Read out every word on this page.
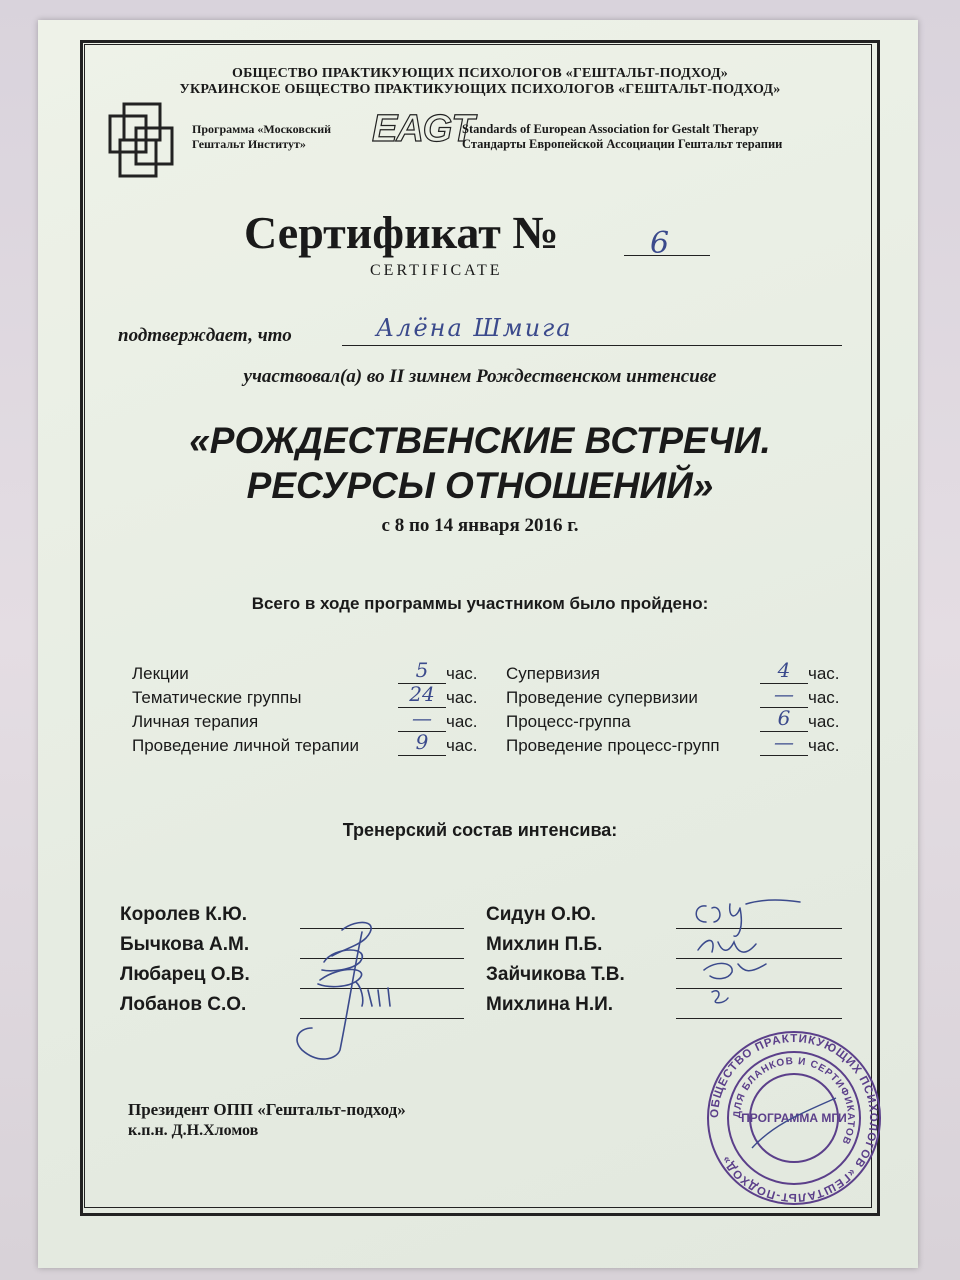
ОБЩЕСТВО ПРАКТИКУЮЩИХ ПСИХОЛОГОВ «ГЕШТАЛЬТ-ПОДХОД»
УКРАИНСКОЕ ОБЩЕСТВО ПРАКТИКУЮЩИХ ПСИХОЛОГОВ «ГЕШТАЛЬТ-ПОДХОД»
Программа «Московский
Гештальт Институт»	EAGT
Standards of European Association for Gestalt Therapy
Стандарты Европейской Ассоциации Гештальт терапии
Сертификат №	6
CERTIFICATE
подтверждает, что	Алёна Шмига
участвовал(а) во II зимнем Рождественском интенсиве
«РОЖДЕСТВЕНСКИЕ ВСТРЕЧИ.
РЕСУРСЫ ОТНОШЕНИЙ»
с 8 по 14 января 2016 г.
Всего в ходе программы участником было пройдено:
Лекции	5	час.
Тематические группы	24 час.
Личная терапия	— час.
Проведение личной терапии	9	час.
Супервизия	4	час.
Проведение супервизии	— час.
Процесс-группа	6	час.
Проведение процесс-групп	— час.
Тренерский состав интенсива:
Королев К.Ю.
Бычкова А.М.
Любарец О.В.
Лобанов С.О.
Сидун О.Ю.
Михлин П.Б.
Зайчикова Т.В.
Михлина Н.И.
Президент ОПП «Гештальт-подход»
к.п.н. Д.Н.Хломов
ОБЩЕСТВО ПРАКТИКУЮЩИХ ПСИХОЛОГОВ «ГЕШТАЛЬТ-ПОДХОД»
ДЛЯ БЛАНКОВ И СЕРТИФИКАТОВ
ПРОГРАММА МГИ
